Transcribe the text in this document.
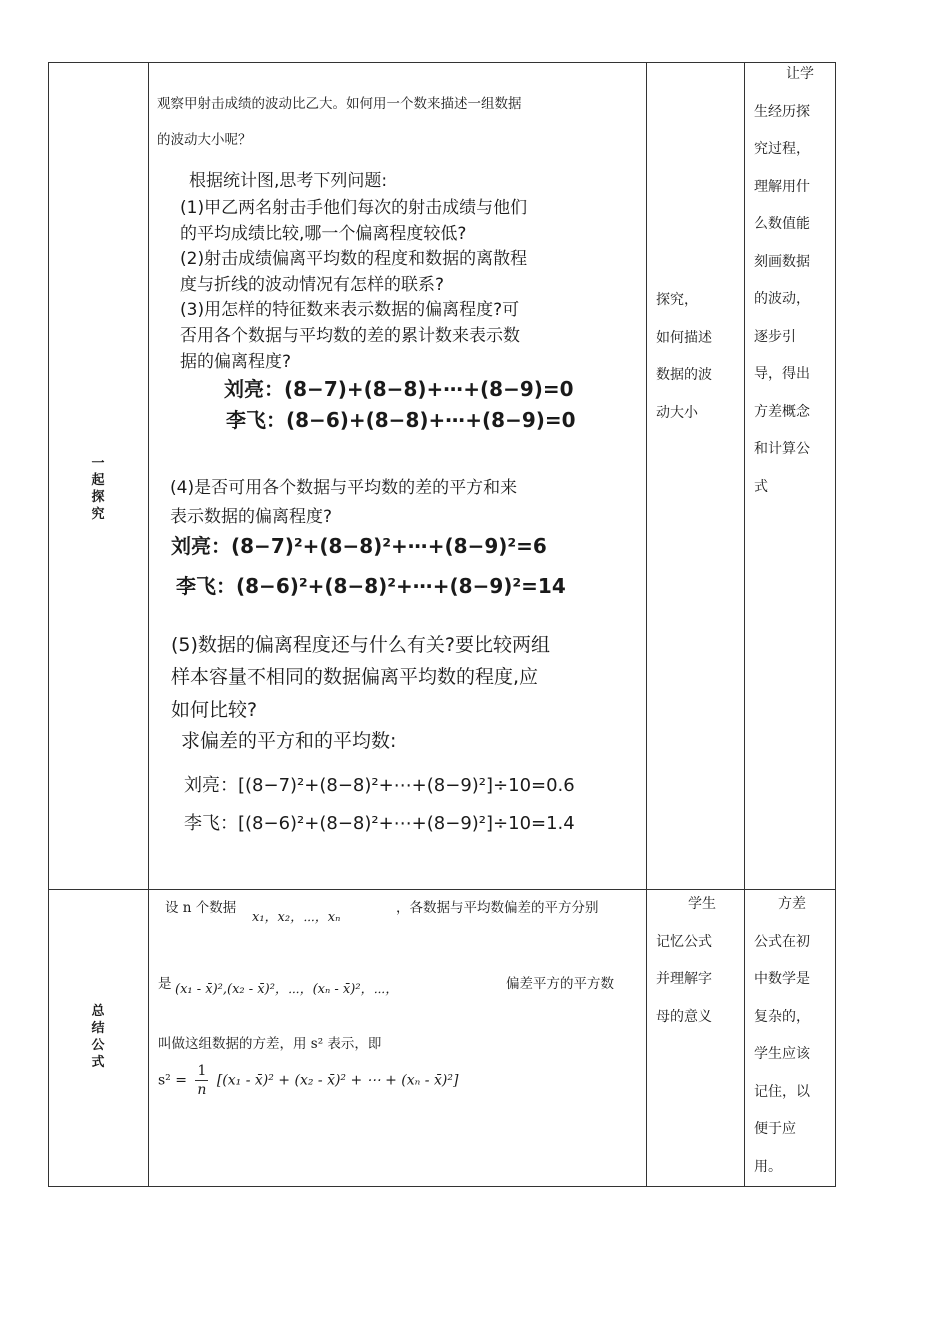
一
起
探
究
观察甲射击成绩的波动比乙大。如何用一个数来描述一组数据
的波动大小呢？
根据统计图,思考下列问题:
(1)甲乙两名射击手他们每次的射击成绩与他们
的平均成绩比较,哪一个偏离程度较低?
(2)射击成绩偏离平均数的程度和数据的离散程
度与折线的波动情况有怎样的联系?
(3)用怎样的特征数来表示数据的偏离程度?可
否用各个数据与平均数的差的累计数来表示数
据的偏离程度?
刘亮：(8−7)+(8−8)+⋯+(8−9)=0
李飞：(8−6)+(8−8)+⋯+(8−9)=0
(4)是否可用各个数据与平均数的差的平方和来
表示数据的偏离程度?
刘亮：(8−7)²+(8−8)²+⋯+(8−9)²=6
李飞：(8−6)²+(8−8)²+⋯+(8−9)²=14
(5)数据的偏离程度还与什么有关?要比较两组
样本容量不相同的数据偏离平均数的程度,应
如何比较?
求偏差的平方和的平均数:
刘亮：[(8−7)²+(8−8)²+⋯+(8−9)²]÷10=0.6
李飞：[(8−6)²+(8−8)²+⋯+(8−9)²]÷10=1.4
探究，
如何描述
数据的波
动大小
让学
生经历探
究过程，
理解用什
么数值能
刻画数据
的波动，
逐步引
导，得出
方差概念
和计算公
式
总
结
公
式
设 n 个数据
x₁，x₂，⋯，xₙ
，各数据与平均数偏差的平方分别
是 (x₁ - x̄)²,(x₂ - x̄)²，⋯，(xₙ - x̄)²，⋯，	偏差平方的平方数
叫做这组数据的方差，用 s² 表示，即
$s^2 = \frac{1}{n} [(x_1$ - x̄)² + (x₂ - x̄)² + ⋯ + (xₙ - x̄)²]
学生
记忆公式
并理解字
母的意义
方差
公式在初
中数学是
复杂的，
学生应该
记住，以
便于应
用。
